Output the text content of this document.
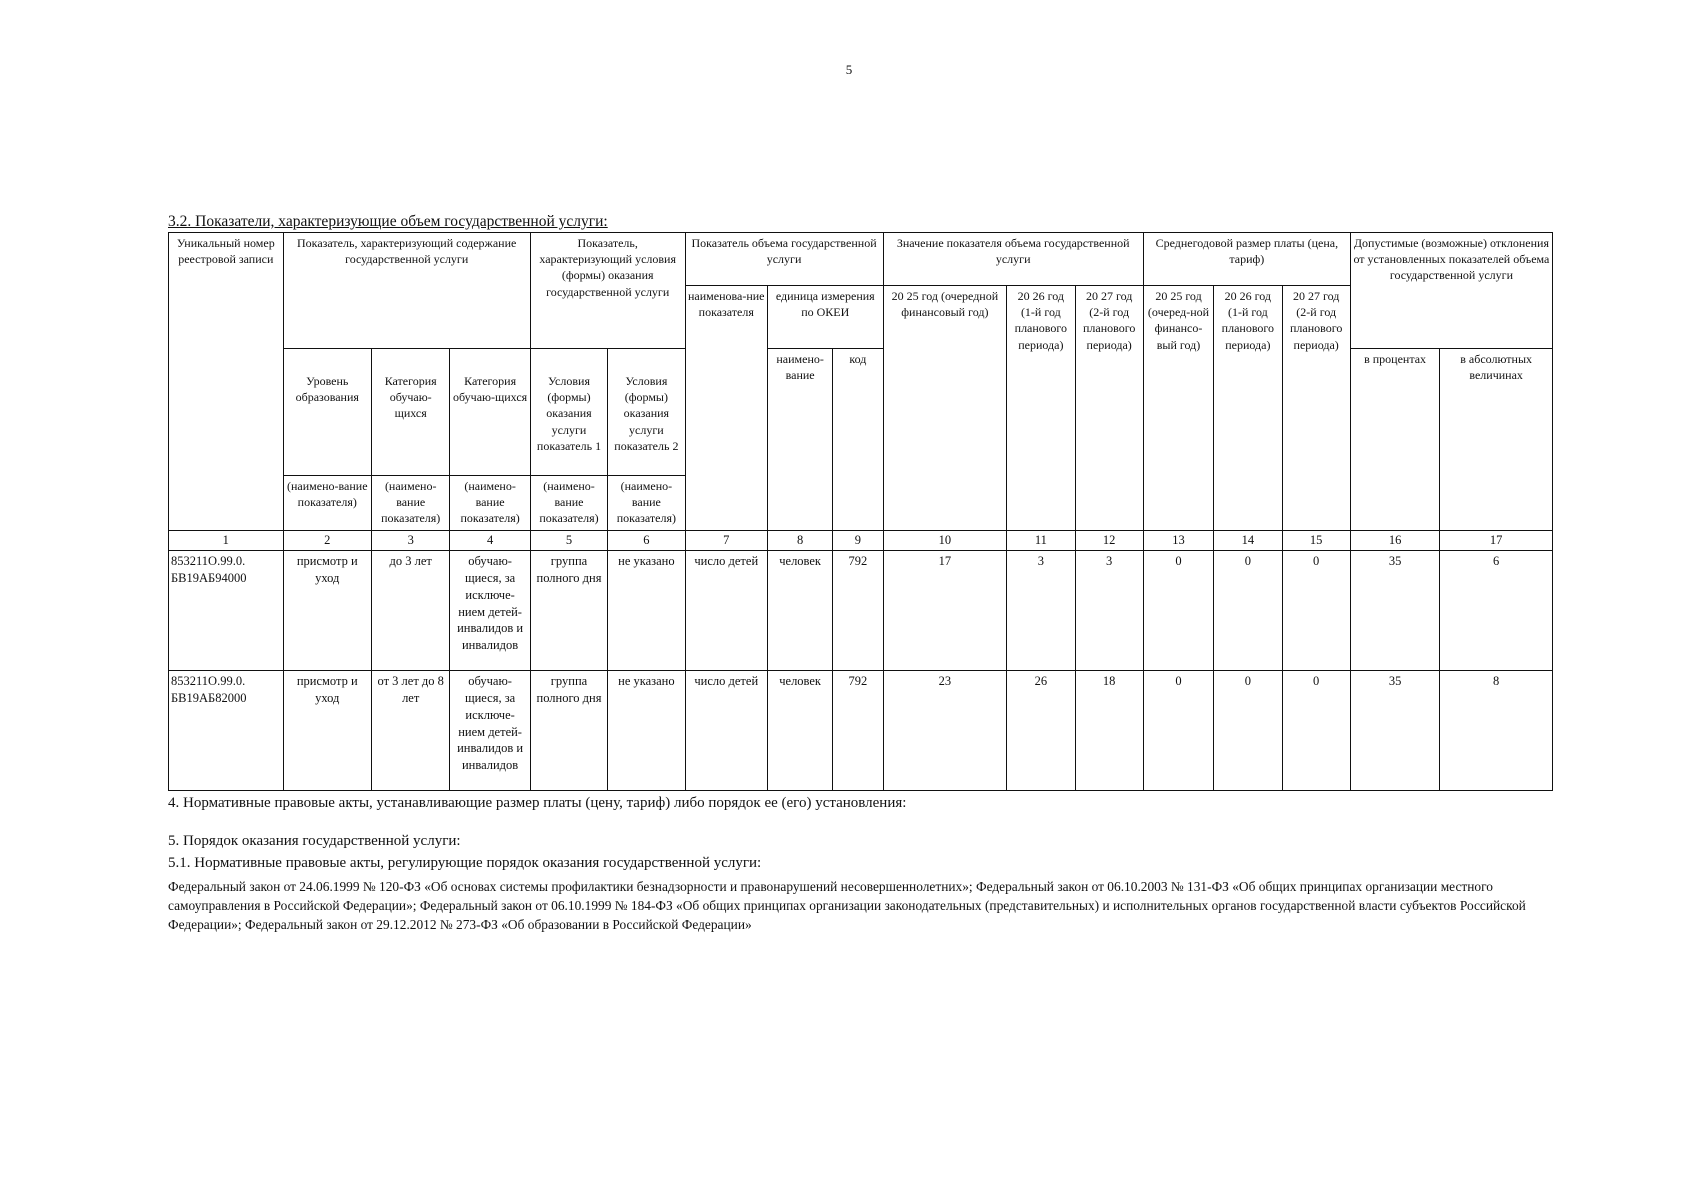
5
3.2. Показатели, характеризующие объем государственной услуги:
Уникальный номер реестровой записи	Показатель, характеризующий содержание государственной услуги			Показатель, характеризующий условия (формы) оказания государственной услуги		Показатель объема государственной услуги			Значение показателя объема государственной услуги			Среднегодовой размер платы (цена, тариф)			Допустимые (возможные) отклонения от установленных показателей объема государственной услуги	
						наименова-ние показателя	единица измерения по ОКЕИ		20 25 год (очередной финансовый год)	20 26 год (1-й год планового периода)	20 27 год (2-й год планового периода)	20 25 год (очеред-ной финансо-вый год)	20 26 год (1-й год планового периода)	20 27 год (2-й год планового периода)		
							наимено-вание	код							в процентах	в абсолютных величинах
	Уровень образования	Категория обучаю-щихся	Категория обучаю-щихся	Условия (формы) оказания услуги показатель 1	Условия (формы) оказания услуги показатель 2											
	(наимено-вание показателя)	(наимено-вание показателя)	(наимено-вание показателя)	(наимено-вание показателя)	(наимено-вание показателя)											
1	2	3	4	5	6	7	8	9	10	11	12	13	14	15	16	17
853211О.99.0. БВ19АБ94000	присмотр и уход	до 3 лет	обучаю-щиеся, за исключе-нием детей-инвалидов и инвалидов	группа полного дня	не указано	число детей	человек	792	17	3	3	0	0	0	35	6
853211О.99.0. БВ19АБ82000	присмотр и уход	от 3 лет до 8 лет	обучаю-щиеся, за исключе-нием детей-инвалидов и инвалидов	группа полного дня	не указано	число детей	человек	792	23	26	18	0	0	0	35	8
4. Нормативные правовые акты, устанавливающие размер платы (цену, тариф) либо порядок ее (его) установления:
5. Порядок оказания государственной услуги:
5.1. Нормативные правовые акты, регулирующие порядок оказания государственной услуги:
Федеральный закон от 24.06.1999 № 120-ФЗ «Об основах системы профилактики безнадзорности и правонарушений несовершеннолетних»; Федеральный закон от 06.10.2003 № 131-ФЗ «Об общих принципах организации местного самоуправления в Российской Федерации»; Федеральный закон от 06.10.1999 № 184-ФЗ «Об общих принципах организации законодательных (представительных) и исполнительных органов государственной власти субъектов Российской Федерации»; Федеральный закон от 29.12.2012 № 273-ФЗ «Об образовании в Российской Федерации»
